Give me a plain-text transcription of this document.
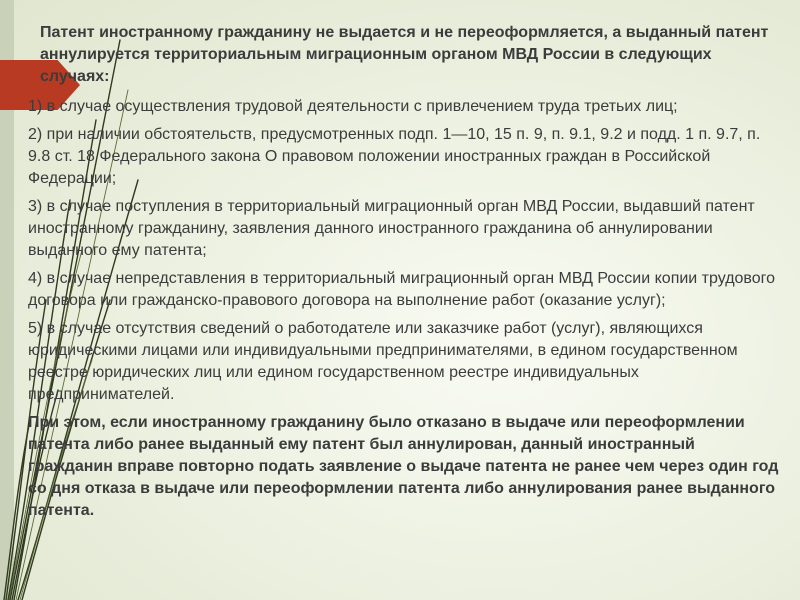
Патент иностранному гражданину не выдается и не переоформляется, а выданный патент аннулируется территориальным миграционным органом МВД России в следующих случаях:

1) в случае осуществления трудовой деятельности с привлечением труда третьих лиц;

2) при наличии обстоятельств, предусмотренных подп. 1—10, 15 п. 9, п. 9.1, 9.2 и подд. 1 п. 9.7, п. 9.8 ст. 18 Федерального закона О правовом положении иностранных граждан в Российской Федерации;

3) в случае поступления в территориальный миграционный орган МВД России, выдавший патент иностранному гражданину, заявления данного иностранного гражданина об аннулировании выданного ему патента;

4) в случае непредставления в территориальный миграционный орган МВД России копии трудового договора или гражданско-правового договора на выполнение работ (оказание услуг);

5) в случае отсутствия сведений о работодателе или заказчике работ (услуг), являющихся юридическими лицами или индивидуальными предпринимателями, в едином государственном реестре юридических лиц или едином государственном реестре индивидуальных предпринимателей.

При этом, если иностранному гражданину было отказано в выдаче или переоформлении патента либо ранее выданный ему патент был аннулирован, данный иностранный гражданин вправе повторно подать заявление о выдаче патента не ранее чем через один год со дня отказа в выдаче или переоформлении патента либо аннулирования ранее выданного патента.
